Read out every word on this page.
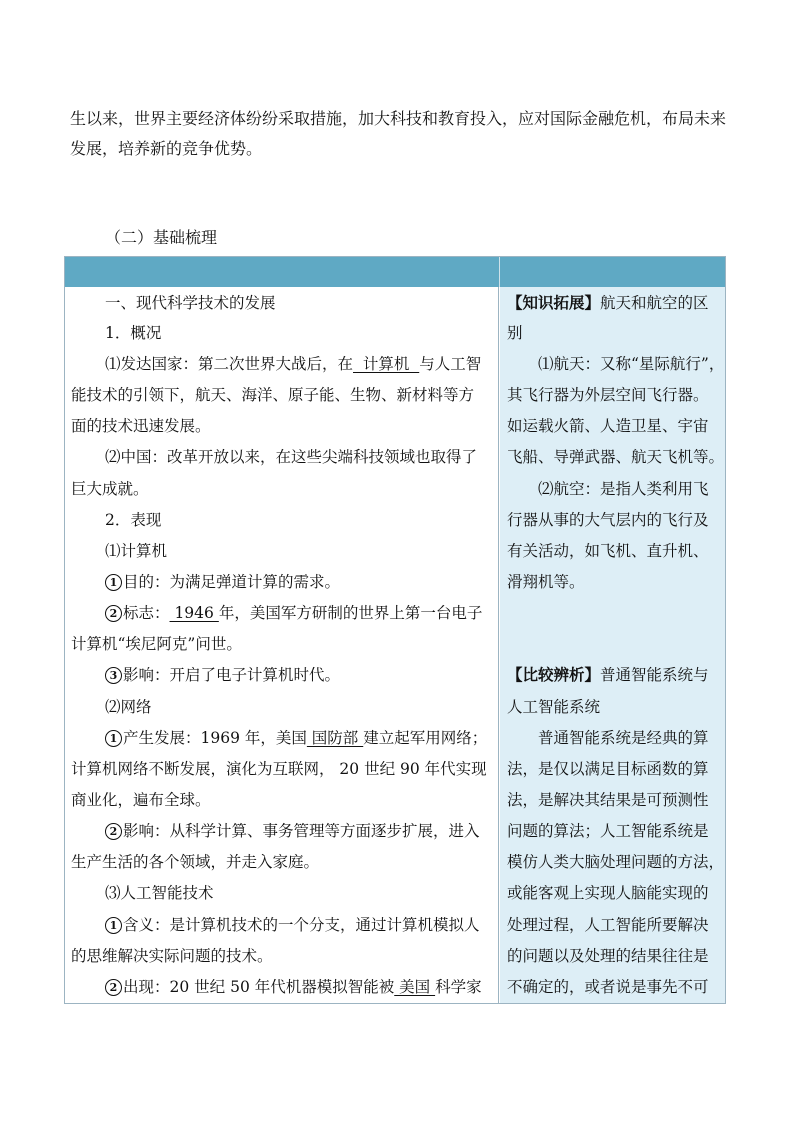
生以来，世界主要经济体纷纷采取措施，加大科技和教育投入，应对国际金融危机，布局未来

发展，培养新的竞争优势。

（二）基础梳理
一、现代科学技术的发展
1．概况
⑴发达国家：第二次世界大战后，在  计算机  与人工智
能技术的引领下，航天、海洋、原子能、生物、新材料等方
面的技术迅速发展。
⑵中国：改革开放以来，在这些尖端科技领域也取得了
巨大成就。
2．表现
⑴计算机
1 目的：为满足弹道计算的需求。
2 标志： 1946 年，美国军方研制的世界上第一台电子
计算机“埃尼阿克”问世。
3 影响：开启了电子计算机时代。
⑵网络
1 产生发展：1969 年，美国 国防部 建立起军用网络；
计算机网络不断发展，演化为互联网， 20 世纪 90 年代实现
商业化，遍布全球。
2 影响：从科学计算、事务管理等方面逐步扩展，进入
生产生活的各个领域，并走入家庭。
⑶人工智能技术
1 含义：是计算机技术的一个分支，通过计算机模拟人
的思维解决实际问题的技术。
2 出现：20 世纪 50 年代机器模拟智能被 美国 科学家
【知识拓展】航天和航空的区
别
⑴航天：又称“星际航行”，
其飞行器为外层空间飞行器。
如运载火箭、人造卫星、宇宙
飞船、导弹武器、航天飞机等。
⑵航空：是指人类利用飞
行器从事的大气层内的飞行及
有关活动，如飞机、直升机、
滑翔机等。
【比较辨析】普通智能系统与
人工智能系统
普通智能系统是经典的算
法，是仅以满足目标函数的算
法，是解决其结果是可预测性
问题的算法；人工智能系统是
模仿人类大脑处理问题的方法，
或能客观上实现人脑能实现的
处理过程，人工智能所要解决
的问题以及处理的结果往往是
不确定的，或者说是事先不可
